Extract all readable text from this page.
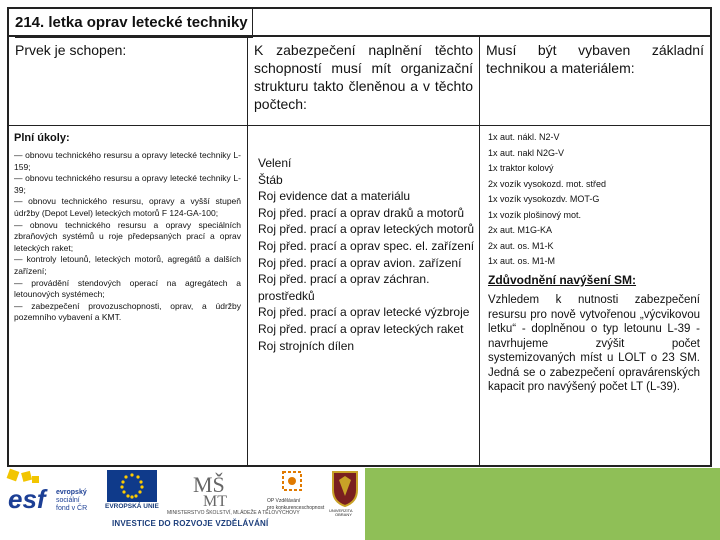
214. letka oprav letecké techniky
Prvek je schopen:
Plní úkoly:
— obnovu technického resursu a opravy letecké techniky L-159;
— obnovu technického resursu a opravy letecké techniky L-39;
— obnovu technického resursu, opravy a vyšší stupeň údržby (Depot Level) leteckých motorů F 124-GA-100;
— obnovu technického resursu a opravy speciálních zbraňových systémů u roje předepsaných prací a oprav leteckých raket;
— kontroly letounů, leteckých motorů, agregátů a dalších zařízení;
— provádění stendových operací na agregátech a letounových systémech;
— zabezpečení provozuschopnosti, oprav, a údržby pozemního vybavení a KMT.
K zabezpečení naplnění těchto schopností musí mít organizační strukturu takto členěnou a v těchto počtech:
Velení
Štáb
Roj evidence dat a materiálu
Roj před. prací a oprav draků a motorů
Roj před. prací a oprav leteckých motorů
Roj před. prací a oprav spec. el. zařízení
Roj před. prací a oprav avion. zařízení
Roj před. prací a oprav záchran. prostředků
Roj před. prací a oprav letecké výzbroje
Roj před. prací a oprav leteckých raket
Roj strojních dílen
Musí být vybaven základní technikou a materiálem:
1x aut. nákl. N2-V
1x aut. nakl N2G-V
1x traktor kolový
2x vozík vysokozd. mot. střed
1x vozík vysokozdv. MOT-G
1x vozík plošinový mot.
2x aut. M1G-KA
2x aut. os. M1-K
1x aut. os. M1-M
Zdůvodnění navýšení SM:
Vzhledem k nutnosti zabezpečení resursu pro nově vytvořenou „výcvikovou letku“ - doplněnou o typ letounu L-39 - navrhujeme zvýšit počet systemizovaných míst u LOLT o 23 SM. Jedná se o zabezpečení opravárenských kapacit pro navýšený počet LT (L-39).
esf	evropský
sociální
fond v ČR	EVROPSKÁ UNIE
MŠ
MT
MINISTERSTVO ŠKOLSTVÍ, MLÁDEŽE A TĚLOVÝCHOVY
OP Vzdělávání
pro konkurenceschopnost UNIVERZITA
OBRANY
INVESTICE DO ROZVOJE VZDĚLÁVÁNÍ
